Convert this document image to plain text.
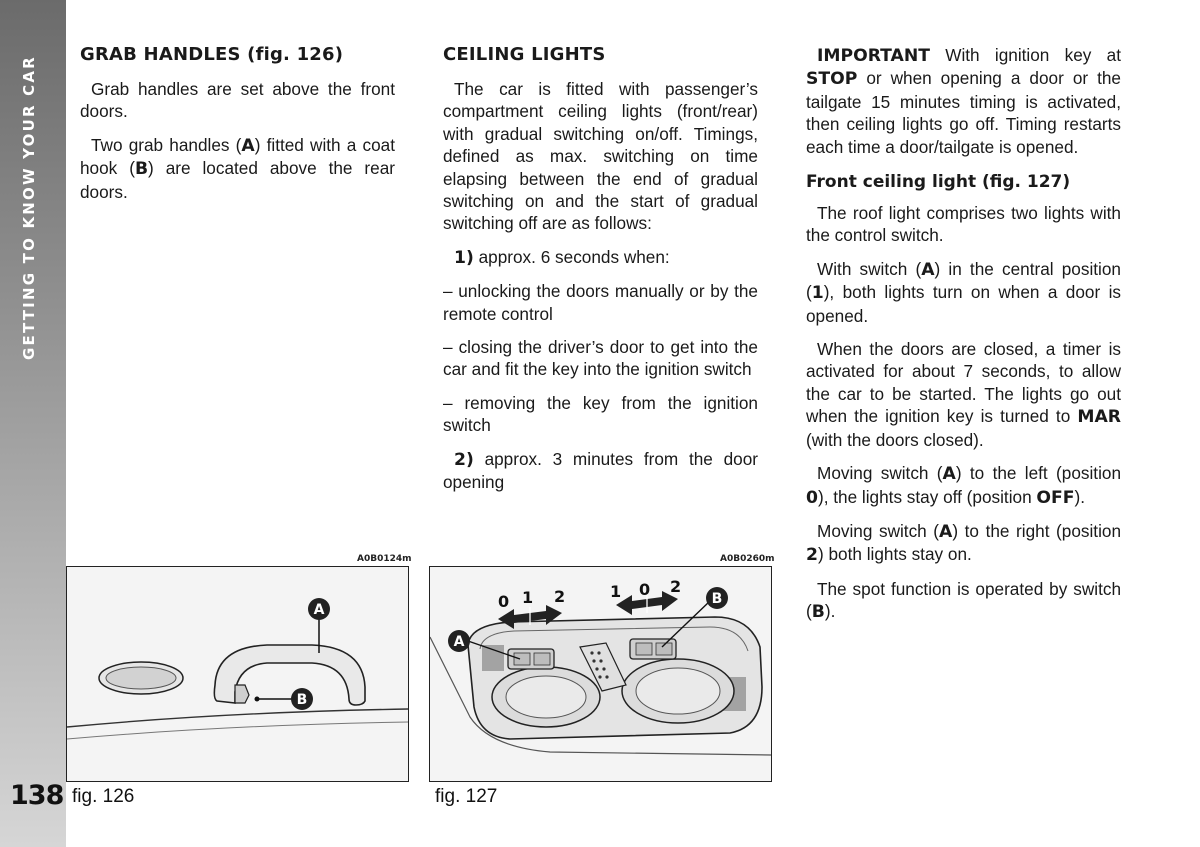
GETTING TO KNOW YOUR CAR
138
GRAB HANDLES (fig. 126)

Grab handles are set above the front doors.

Two grab handles (A) fitted with a coat hook (B) are located above the rear doors.

CEILING LIGHTS

The car is fitted with passenger’s compartment ceiling lights (front/rear) with gradual switching on/off. Timings, defined as max. switching on time elapsing between the end of gradual switching on and the start of gradual switching off are as follows:

1) approx. 6 seconds when:

– unlocking the doors manually or by the remote control

– closing the driver’s door to get into the car and fit the key into the ignition switch

– removing the key from the ignition switch

2) approx. 3 minutes from the door opening

IMPORTANT With ignition key at STOP or when opening a door or the tailgate 15 minutes timing is activated, then ceiling lights go off. Timing restarts each time a door/tailgate is opened.

Front ceiling light (fig. 127)

The roof light comprises two lights with the control switch.

With switch (A) in the central position (1), both lights turn on when a door is opened.

When the doors are closed, a timer is activated for about 7 seconds, to allow the car to be started. The lights go out when the ignition key is turned to MAR (with the doors closed).

Moving switch (A) to the left (position 0), the lights stay off (position OFF).

Moving switch (A) to the right (position 2) both lights stay on.

The spot function is operated by switch (B).

A0B0124m
A
B
fig. 126
A0B0260m
0 1 2	1 0 2
A
B
fig. 127
